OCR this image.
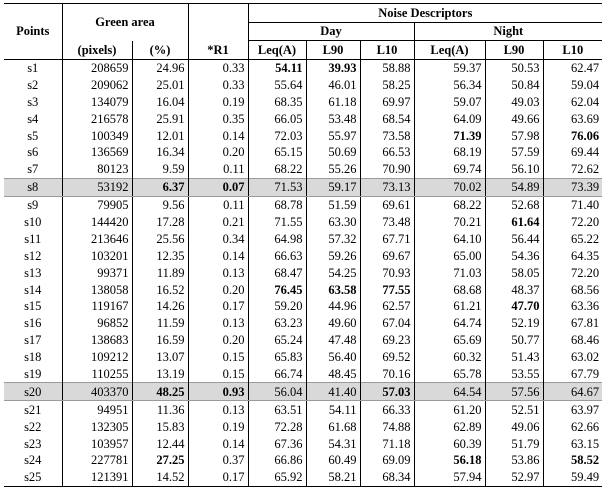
Points	Green area			Noise Descriptors					
				Day			Night		
	(pixels)	(%)	*R1	Leq(A)	L90	L10	Leq(A)	L90	L10
s1	208659	24.96	0.33	54.11	39.93	58.88	59.37	50.53	62.47
s2	209062	25.01	0.33	55.64	46.01	58.25	56.34	50.84	59.04
s3	134079	16.04	0.19	68.35	61.18	69.97	59.07	49.03	62.04
s4	216578	25.91	0.35	66.05	53.48	68.54	64.09	49.66	63.69
s5	100349	12.01	0.14	72.03	55.97	73.58	71.39	57.98	76.06
s6	136569	16.34	0.20	65.15	50.69	66.53	68.19	57.59	69.44
s7	80123	9.59	0.11	68.22	55.26	70.90	69.74	56.10	72.62
s8	53192	6.37	0.07	71.53	59.17	73.13	70.02	54.89	73.39
s9	79905	9.56	0.11	68.78	51.59	69.61	68.22	52.68	71.40
s10	144420	17.28	0.21	71.55	63.30	73.48	70.21	61.64	72.20
s11	213646	25.56	0.34	64.98	57.32	67.71	64.10	56.44	65.22
s12	103201	12.35	0.14	66.63	59.26	69.67	65.00	54.36	64.35
s13	99371	11.89	0.13	68.47	54.25	70.93	71.03	58.05	72.20
s14	138058	16.52	0.20	76.45	63.58	77.55	68.68	48.37	68.56
s15	119167	14.26	0.17	59.20	44.96	62.57	61.21	47.70	63.36
s16	96852	11.59	0.13	63.23	49.60	67.04	64.74	52.19	67.81
s17	138683	16.59	0.20	65.24	47.48	69.23	65.69	50.77	68.46
s18	109212	13.07	0.15	65.83	56.40	69.52	60.32	51.43	63.02
s19	110255	13.19	0.15	66.74	48.45	70.16	65.78	53.55	67.79
s20	403370	48.25	0.93	56.04	41.40	57.03	64.54	57.56	64.67
s21	94951	11.36	0.13	63.51	54.11	66.33	61.20	52.51	63.97
s22	132305	15.83	0.19	72.28	61.68	74.88	62.89	49.06	62.66
s23	103957	12.44	0.14	67.36	54.31	71.18	60.39	51.79	63.15
s24	227781	27.25	0.37	66.86	60.49	69.09	56.18	53.86	58.52
s25	121391	14.52	0.17	65.92	58.21	68.34	57.94	52.97	59.49
